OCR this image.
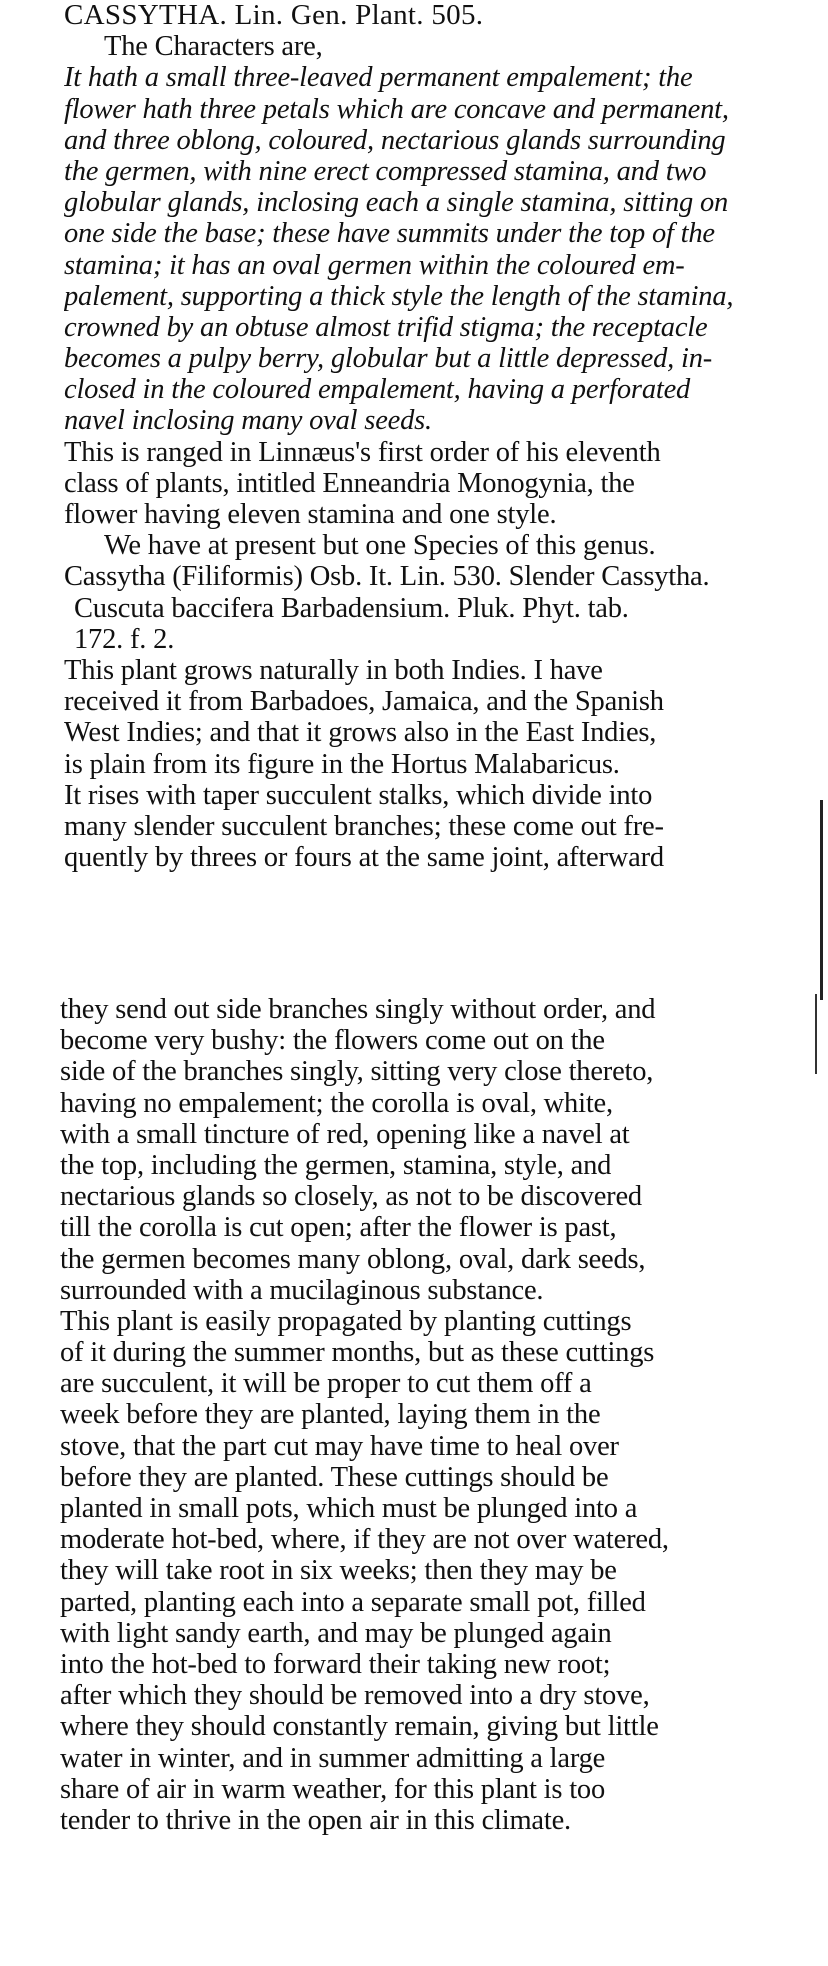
CASSYTHA. Lin. Gen. Plant. 505.
The Characters are,
It hath a small three-leaved permanent empalement; the
flower hath three petals which are concave and permanent,
and three oblong, coloured, nectarious glands surrounding
the germen, with nine erect compressed stamina, and two
globular glands, inclosing each a single stamina, sitting on
one side the base; these have summits under the top of the
stamina; it has an oval germen within the coloured em-
palement, supporting a thick style the length of the stamina,
crowned by an obtuse almost trifid stigma; the receptacle
becomes a pulpy berry, globular but a little depressed, in-
closed in the coloured empalement, having a perforated
navel inclosing many oval seeds.
This is ranged in Linnæus's first order of his eleventh
class of plants, intitled Enneandria Monogynia, the
flower having eleven stamina and one style.
We have at present but one Species of this genus.
Cassytha (Filiformis) Osb. It. Lin. 530. Slender Cassytha.
Cuscuta baccifera Barbadensium. Pluk. Phyt. tab.
172. f. 2.
This plant grows naturally in both Indies. I have
received it from Barbadoes, Jamaica, and the Spanish
West Indies; and that it grows also in the East Indies,
is plain from its figure in the Hortus Malabaricus.
It rises with taper succulent stalks, which divide into
many slender succulent branches; these come out fre-
quently by threes or fours at the same joint, afterward
they send out side branches singly without order, and
become very bushy: the flowers come out on the
side of the branches singly, sitting very close thereto,
having no empalement; the corolla is oval, white,
with a small tincture of red, opening like a navel at
the top, including the germen, stamina, style, and
nectarious glands so closely, as not to be discovered
till the corolla is cut open; after the flower is past,
the germen becomes many oblong, oval, dark seeds,
surrounded with a mucilaginous substance.
This plant is easily propagated by planting cuttings
of it during the summer months, but as these cuttings
are succulent, it will be proper to cut them off a
week before they are planted, laying them in the
stove, that the part cut may have time to heal over
before they are planted. These cuttings should be
planted in small pots, which must be plunged into a
moderate hot-bed, where, if they are not over watered,
they will take root in six weeks; then they may be
parted, planting each into a separate small pot, filled
with light sandy earth, and may be plunged again
into the hot-bed to forward their taking new root;
after which they should be removed into a dry stove,
where they should constantly remain, giving but little
water in winter, and in summer admitting a large
share of air in warm weather, for this plant is too
tender to thrive in the open air in this climate.
